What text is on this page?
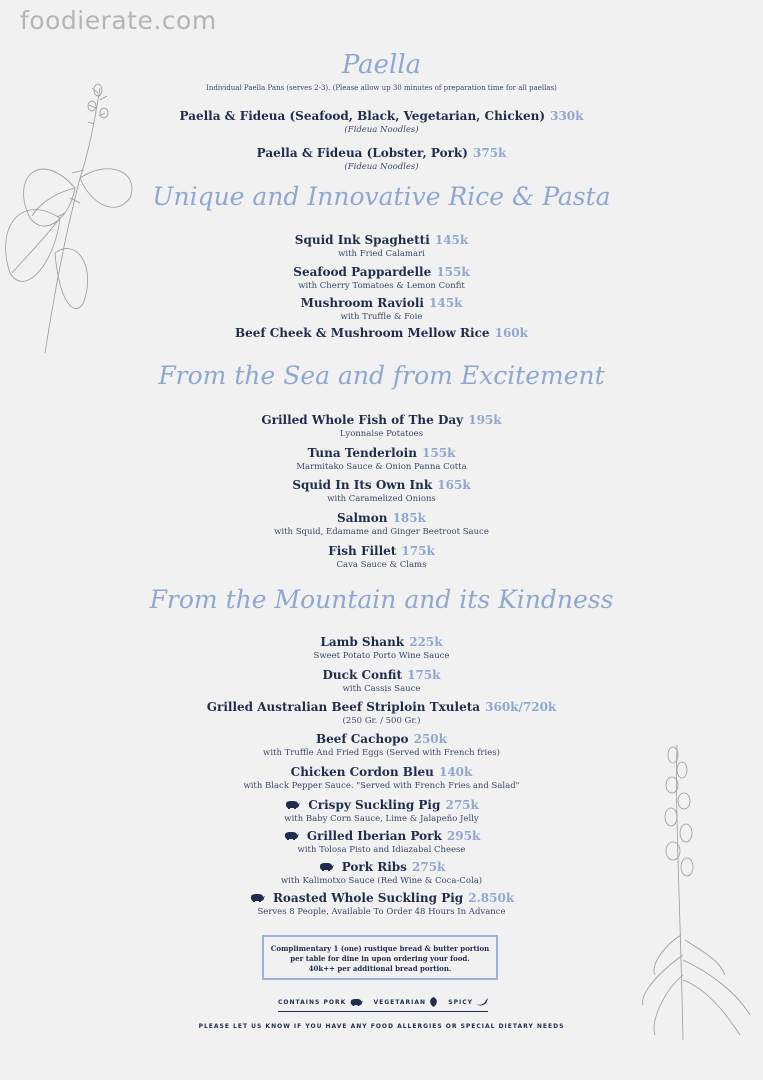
foodierate.com
Paella
Individual Paella Pans (serves 2-3). (Please allow up 30 minutes of preparation time for all paellas)
Paella & Fideua (Seafood, Black, Vegetarian, Chicken) 330k
(Fideua Noodles)
Paella & Fideua (Lobster, Pork) 375k
(Fideua Noodles)
Unique and Innovative Rice & Pasta
Squid Ink Spaghetti 145k
with Fried Calamari
Seafood Pappardelle 155k
with Cherry Tomatoes & Lemon Confit
Mushroom Ravioli 145k
with Truffle & Foie
Beef Cheek & Mushroom Mellow Rice 160k
From the Sea and from Excitement
Grilled Whole Fish of The Day 195k
Lyonnaise Potatoes
Tuna Tenderloin 155k
Marmitako Sauce & Onion Panna Cotta
Squid In Its Own Ink 165k
with Caramelized Onions
Salmon 185k
with Squid, Edamame and Ginger Beetroot Sauce
Fish Fillet 175k
Cava Sauce & Clams
From the Mountain and its Kindness
Lamb Shank 225k
Sweet Potato Porto Wine Sauce
Duck Confit 175k
with Cassis Sauce
Grilled Australian Beef Striploin Txuleta 360k/720k
(250 Gr. / 500 Gr.)
Beef Cachopo 250k
with Truffle And Fried Eggs (Served with French fries)
Chicken Cordon Bleu 140k
with Black Pepper Sauce. "Served with French Fries and Salad"
Crispy Suckling Pig 275k
with Baby Corn Sauce, Lime & Jalapeño Jelly
Grilled Iberian Pork 295k
with Tolosa Pisto and Idiazabal Cheese
Pork Ribs 275k
with Kalimotxo Sauce (Red Wine & Coca-Cola)
Roasted Whole Suckling Pig 2.850k
Serves 8 People, Available To Order 48 Hours In Advance
Complimentary 1 (one) rustique bread & butter portion
per table for dine in upon ordering your food.
40k++ per additional bread portion.
CONTAINS PORK	VEGETARIAN	SPICY
PLEASE LET US KNOW IF YOU HAVE ANY FOOD ALLERGIES OR SPECIAL DIETARY NEEDS
